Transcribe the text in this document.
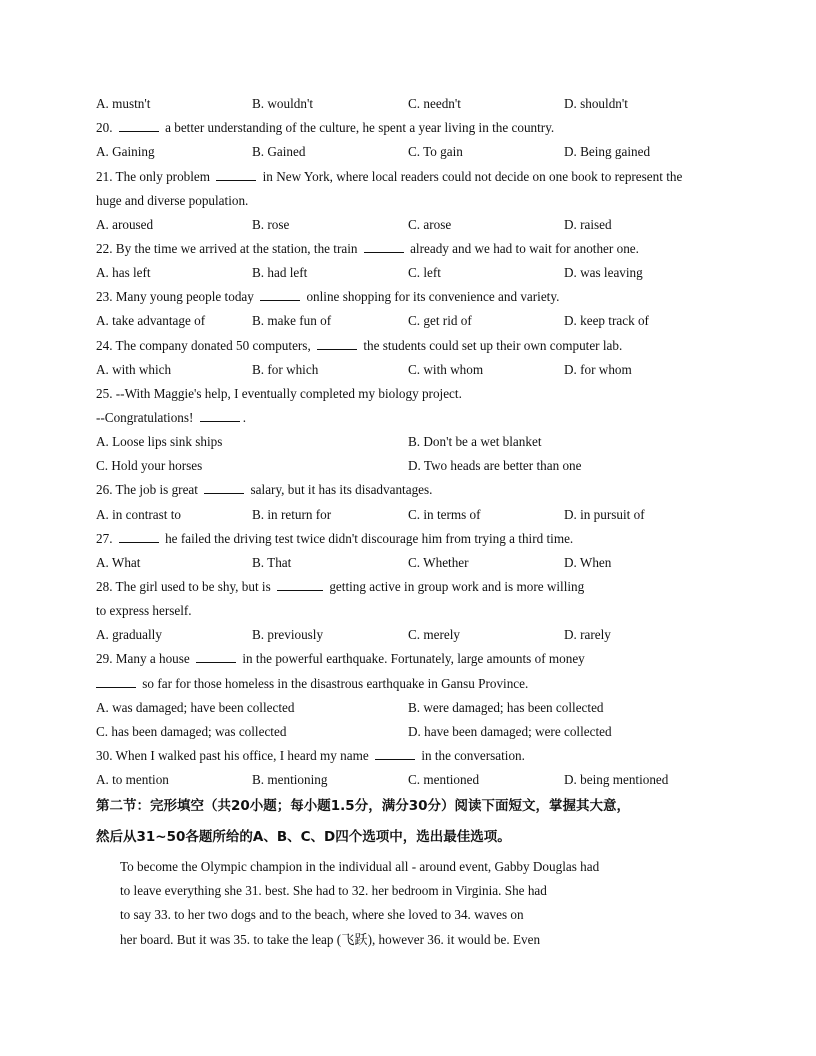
A. mustn't	B. wouldn't	C. needn't	D. shouldn't
20.	a better understanding of the culture, he spent a year living in the country.
A. Gaining	B. Gained	C. To gain	D. Being gained
21. The only problem	in New York, where local readers could not decide on one book to represent the
huge and diverse population.
A. aroused	B. rose	C. arose	D. raised
22. By the time we arrived at the station, the train	already and we had to wait for another one.
A. has left	B. had left	C. left	D. was leaving
23. Many young people today	online shopping for its convenience and variety.
A. take advantage of	B. make fun of	C. get rid of	D. keep track of
24. The company donated 50 computers,	the students could set up their own computer lab.
A. with which	B. for which	C. with whom	D. for whom
25. --With Maggie's help, I eventually completed my biology project.
--Congratulations!	.
A. Loose lips sink ships	B. Don't be a wet blanket
C. Hold your horses	D. Two heads are better than one
26. The job is great	salary, but it has its disadvantages.
A. in contrast to	B. in return for	C. in terms of	D. in pursuit of
27.	he failed the driving test twice didn't discourage him from trying a third time.
A. What	B. That	C. Whether	D. When
28. The girl used to be shy, but is	getting active in group work and is more willing
to express herself.
A. gradually	B. previously	C. merely	D. rarely
29. Many a house	in the powerful earthquake. Fortunately, large amounts of money
so far for those homeless in the disastrous earthquake in Gansu Province.
A. was damaged; have been collected	B. were damaged; has been collected
C. has been damaged; was collected	D. have been damaged; were collected
30. When I walked past his office, I heard my name	in the conversation.
A. to mention	B. mentioning	C. mentioned	D. being mentioned
第二节：完形填空（共20小题；每小题1.5分，满分30分）阅读下面短文，掌握其大意，
然后从31~50各题所给的A、B、C、D四个选项中，选出最佳选项。
To become the Olympic champion in the individual all - around event, Gabby Douglas had
to leave everything she 31. best. She had to 32. her bedroom in Virginia. She had
to say 33. to her two dogs and to the beach, where she loved to 34. waves on
her board. But it was 35. to take the leap (飞跃), however 36. it would be. Even
